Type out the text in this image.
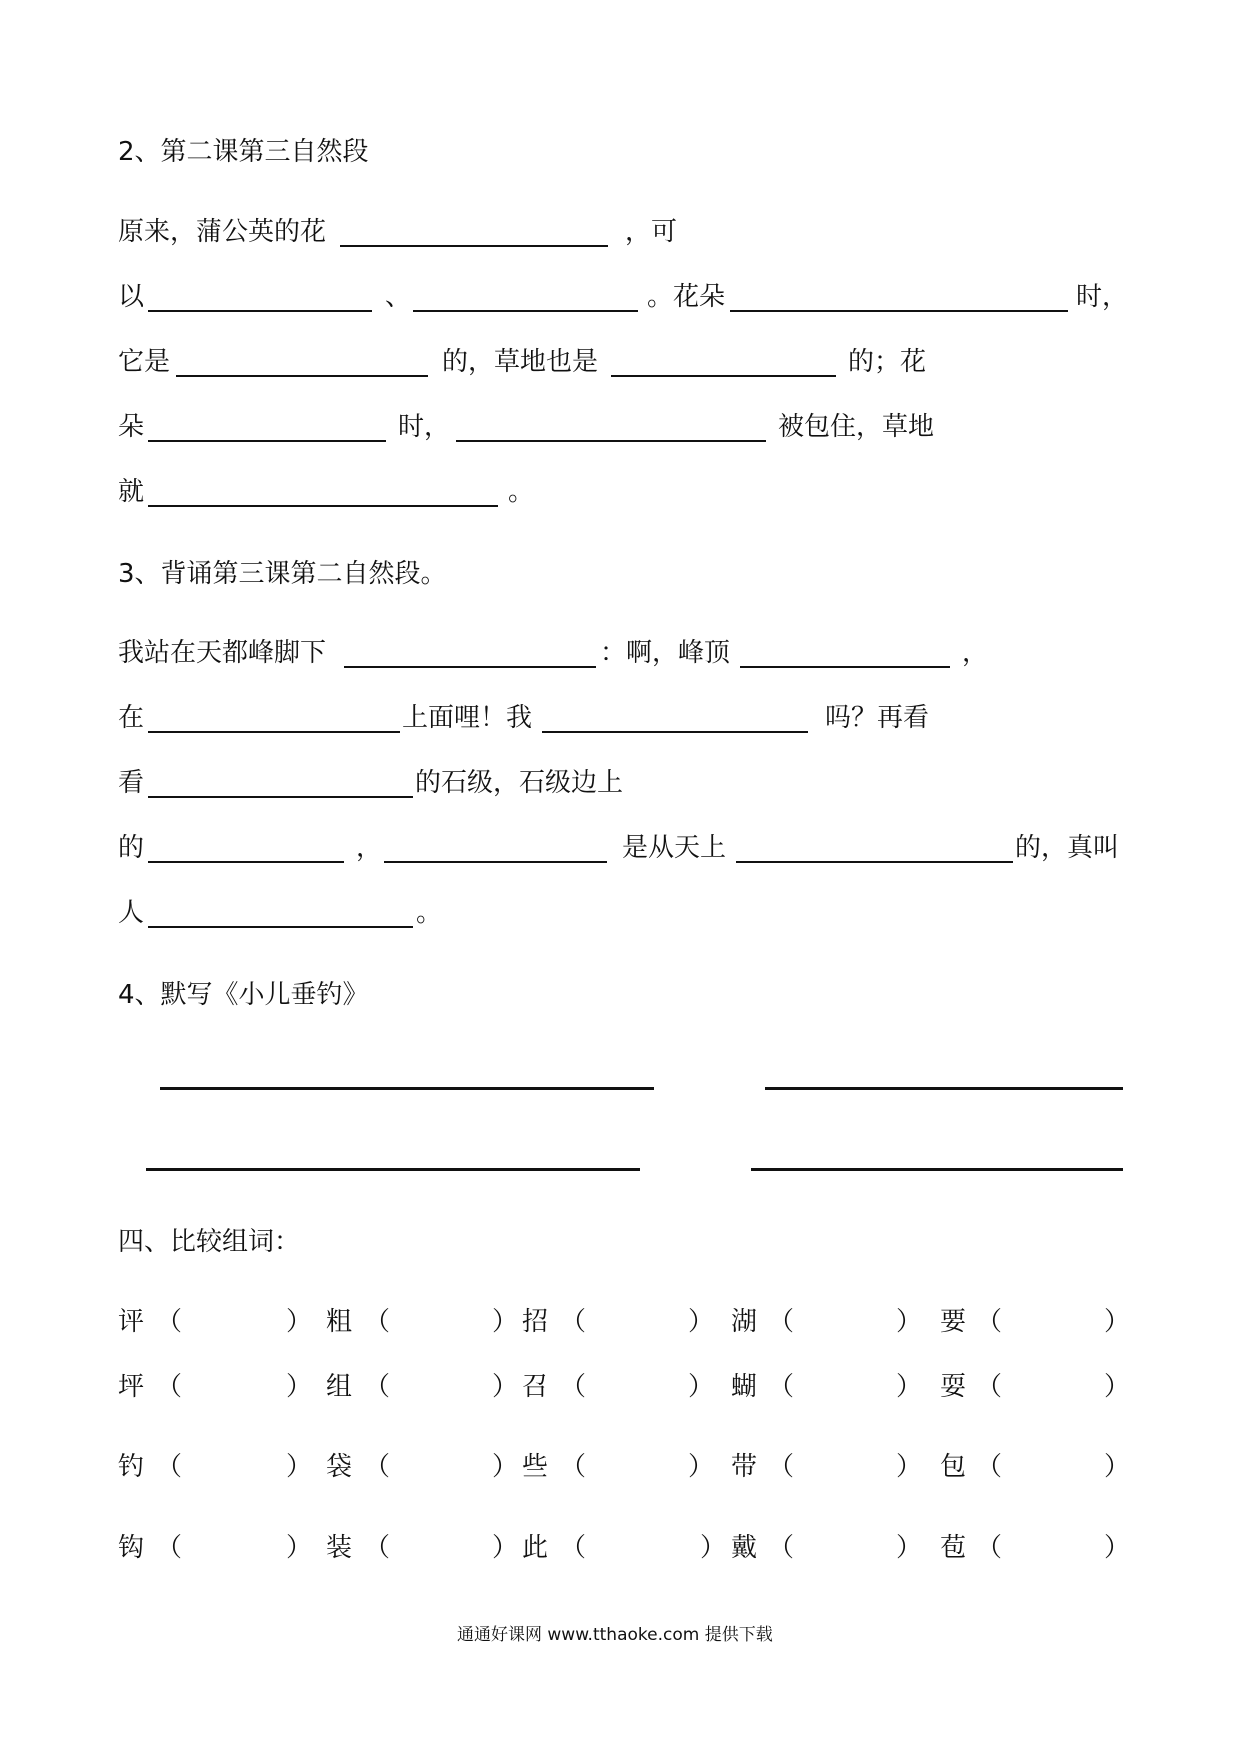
2、第二课第三自然段
原来，蒲公英的花	，可
以	、	。花朵	时，
它是	的，草地也是	的；花
朵	时，	被包住，草地
就	。
3、背诵第三课第二自然段。
我站在天都峰脚下	：啊，峰顶	，
在	上面哩！我	吗？再看
看	的石级，石级边上
的	，	是从天上	的，真叫
人	。
4、默写《小儿垂钓》
四、比较组词：
评 （	） 粗 （	） 招 （	） 湖 （	） 要 （	）
坪 （	） 组 （	） 召 （	） 蝴 （	） 耍 （	）
钓 （	） 袋 （	） 些 （	） 带 （	） 包 （	）
钩 （	） 装 （	） 此 （	） 戴 （	） 苞 （	）
通通好课网 www.tthaoke.com 提供下载
